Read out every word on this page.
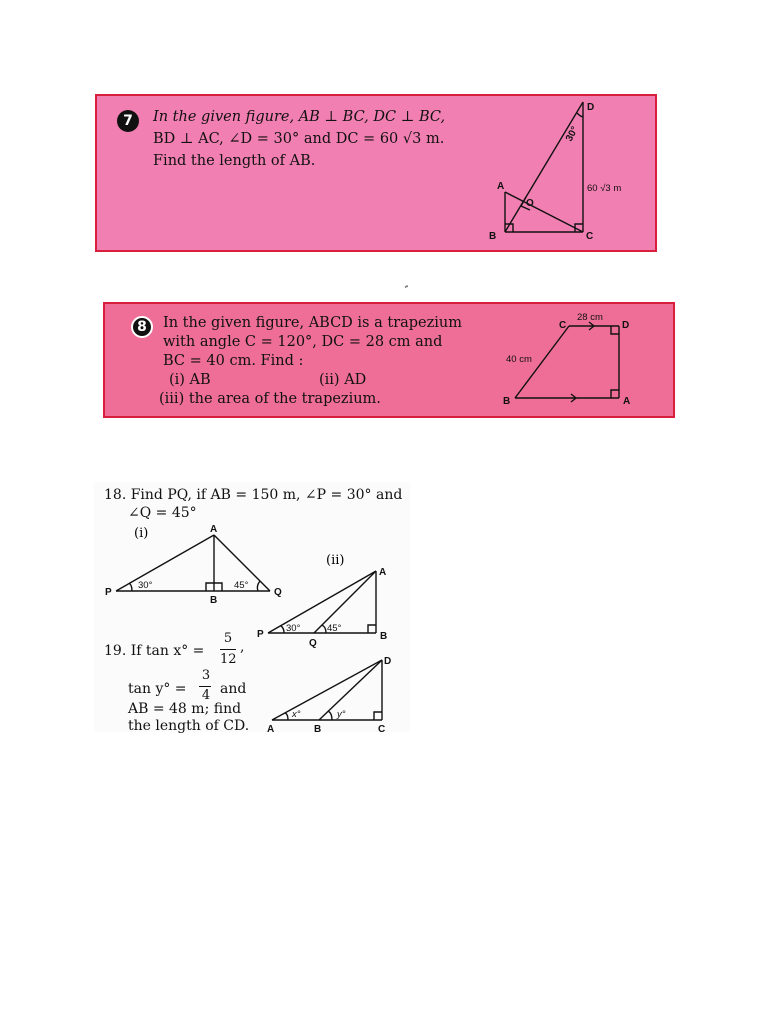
7	In the given figure, AB ⊥ BC, DC ⊥ BC,
BD ⊥ AC, ∠D = 30° and DC = 60 √3 m.
Find the length of AB.
D
A
O
B	C
30°
60 √3 m
8	In the given figure, ABCD is a trapezium
with angle C = 120°, DC = 28 cm and
BC = 40 cm. Find :
(i) AB	(ii) AD
(iii) the area of the trapezium.
C	D
B	A
28 cm
40 cm
18. Find PQ, if AB = 150 m, ∠P = 30° and
∠Q = 45°
(i)	A
P
B
Q
30°	45°
(ii)
A
P
Q
B
30°	45°
D
A	B	C
x°	y°
19. If tan x° =
5
12
,
tan y° =
3
4 and
AB = 48 m; find
the length of CD.
